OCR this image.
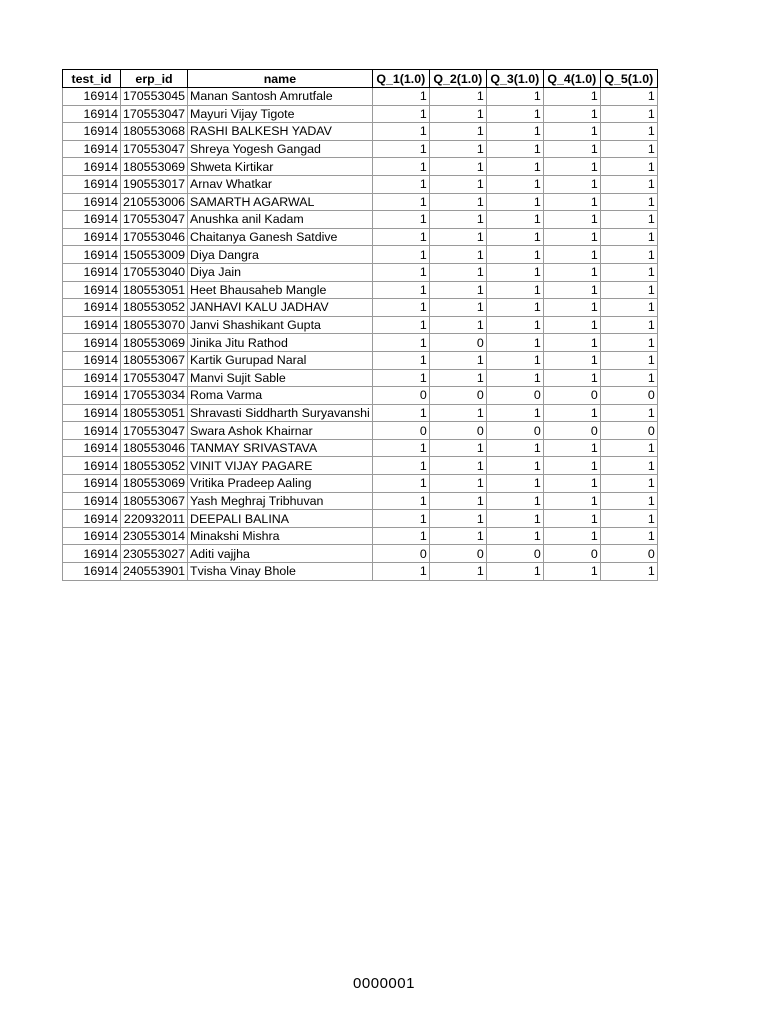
test_id	erp_id	name	Q_1(1.0)	Q_2(1.0)	Q_3(1.0)	Q_4(1.0)	Q_5(1.0)
16914	170553045	Manan Santosh Amrutfale	1	1	1	1	1
16914	170553047	Mayuri Vijay Tigote	1	1	1	1	1
16914	180553068	RASHI BALKESH YADAV	1	1	1	1	1
16914	170553047	Shreya Yogesh Gangad	1	1	1	1	1
16914	180553069	Shweta Kirtikar	1	1	1	1	1
16914	190553017	Arnav Whatkar	1	1	1	1	1
16914	210553006	SAMARTH AGARWAL	1	1	1	1	1
16914	170553047	Anushka anil Kadam	1	1	1	1	1
16914	170553046	Chaitanya Ganesh Satdive	1	1	1	1	1
16914	150553009	Diya Dangra	1	1	1	1	1
16914	170553040	Diya Jain	1	1	1	1	1
16914	180553051	Heet Bhausaheb Mangle	1	1	1	1	1
16914	180553052	JANHAVI KALU JADHAV	1	1	1	1	1
16914	180553070	Janvi Shashikant Gupta	1	1	1	1	1
16914	180553069	Jinika Jitu Rathod	1	0	1	1	1
16914	180553067	Kartik Gurupad Naral	1	1	1	1	1
16914	170553047	Manvi Sujit Sable	1	1	1	1	1
16914	170553034	Roma Varma	0	0	0	0	0
16914	180553051	Shravasti Siddharth Suryavanshi	1	1	1	1	1
16914	170553047	Swara Ashok Khairnar	0	0	0	0	0
16914	180553046	TANMAY SRIVASTAVA	1	1	1	1	1
16914	180553052	VINIT VIJAY PAGARE	1	1	1	1	1
16914	180553069	Vritika Pradeep Aaling	1	1	1	1	1
16914	180553067	Yash Meghraj Tribhuvan	1	1	1	1	1
16914	220932011	DEEPALI BALINA	1	1	1	1	1
16914	230553014	Minakshi Mishra	1	1	1	1	1
16914	230553027	Aditi vajjha	0	0	0	0	0
16914	240553901	Tvisha Vinay Bhole	1	1	1	1	1
0000001
